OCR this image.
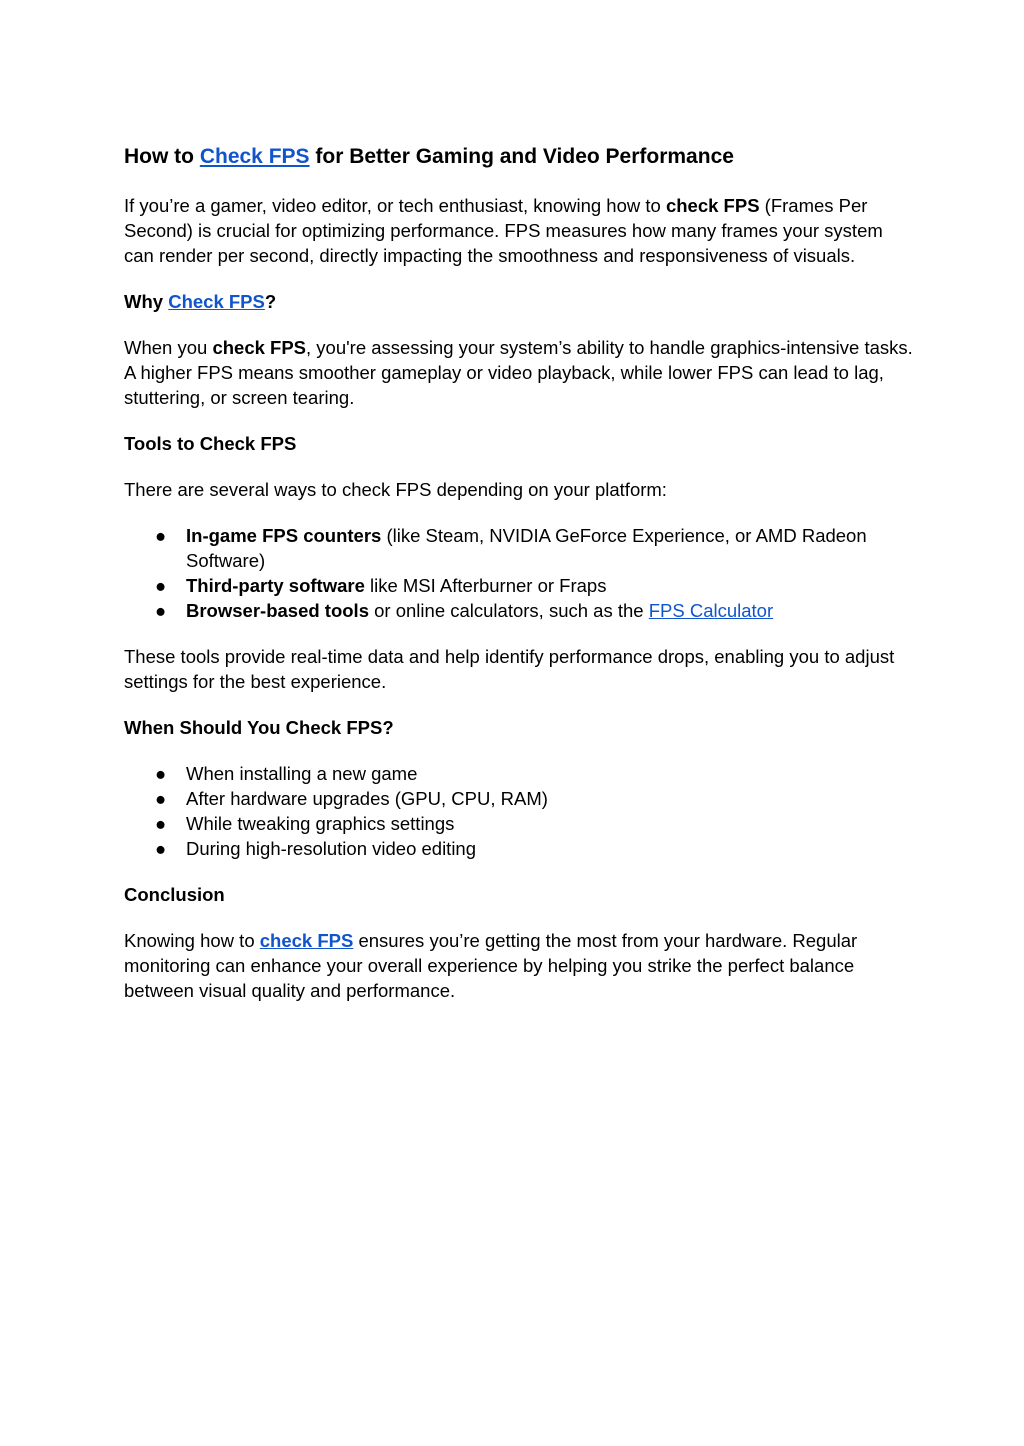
How to Check FPS for Better Gaming and Video Performance

If you’re a gamer, video editor, or tech enthusiast, knowing how to check FPS (Frames Per Second) is crucial for optimizing performance. FPS measures how many frames your system can render per second, directly impacting the smoothness and responsiveness of visuals.

Why Check FPS?

When you check FPS, you're assessing your system’s ability to handle graphics-intensive tasks. A higher FPS means smoother gameplay or video playback, while lower FPS can lead to lag, stuttering, or screen tearing.

Tools to Check FPS

There are several ways to check FPS depending on your platform:

● In-game FPS counters (like Steam, NVIDIA GeForce Experience, or AMD Radeon Software)
● Third-party software like MSI Afterburner or Fraps
● Browser-based tools or online calculators, such as the FPS Calculator

These tools provide real-time data and help identify performance drops, enabling you to adjust settings for the best experience.

When Should You Check FPS?
● When installing a new game
● After hardware upgrades (GPU, CPU, RAM)
● While tweaking graphics settings
● During high-resolution video editing
Conclusion

Knowing how to check FPS ensures you’re getting the most from your hardware. Regular monitoring can enhance your overall experience by helping you strike the perfect balance between visual quality and performance.
